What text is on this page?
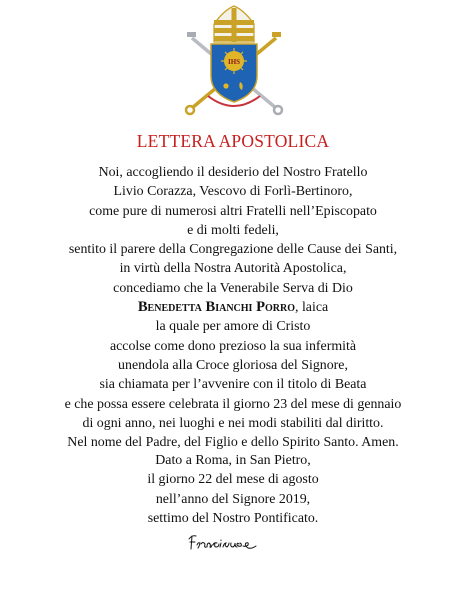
IHS
LETTERA APOSTOLICA
Noi, accogliendo il desiderio del Nostro Fratello
Livio Corazza, Vescovo di Forlì-Bertinoro,
come pure di numerosi altri Fratelli nell’Episcopato
e di molti fedeli,
sentito il parere della Congregazione delle Cause dei Santi,
in virtù della Nostra Autorità Apostolica,
concediamo che la Venerabile Serva di Dio
Benedetta Bianchi Porro, laica
la quale per amore di Cristo
accolse come dono prezioso la sua infermità
unendola alla Croce gloriosa del Signore,
sia chiamata per l’avvenire con il titolo di Beata
e che possa essere celebrata il giorno 23 del mese di gennaio
di ogni anno, nei luoghi e nei modi stabiliti dal diritto.
Nel nome del Padre, del Figlio e dello Spirito Santo. Amen.
Dato a Roma, in San Pietro,
il giorno 22 del mese di agosto
nell’anno del Signore 2019,
settimo del Nostro Pontificato.
